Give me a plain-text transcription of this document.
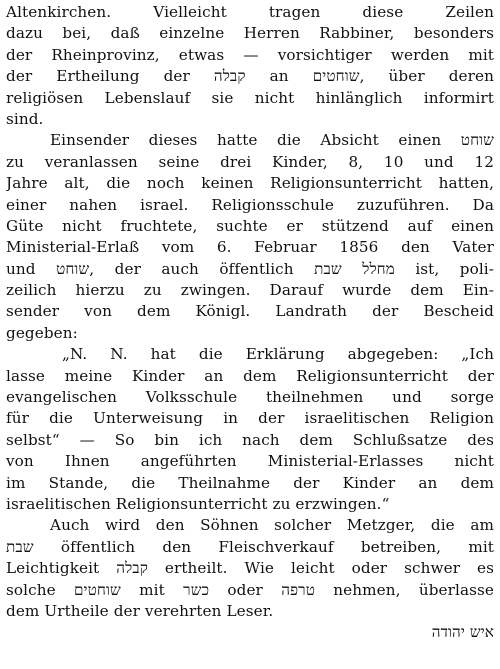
Altenkirchen. Vielleicht tragen diese Zeilen
dazu bei, daß einzelne Herren Rabbiner, besonders
der Rheinprovinz, etwas — vorsichtiger werden mit
der Ertheilung der קבלה an שוחטים, über deren
religiösen Lebenslauf sie nicht hinlänglich informirt
sind.
Einsender dieses hatte die Absicht einen שוחט
zu veranlassen seine drei Kinder, 8, 10 und 12
Jahre alt, die noch keinen Religionsunterricht hatten,
einer nahen israel. Religionsschule zuzuführen. Da
Güte nicht fruchtete, suchte er stützend auf einen
Ministerial-Erlaß vom 6. Februar 1856 den Vater
und שוחט, der auch öffentlich מחלל שבת ist, poli-
zeilich hierzu zu zwingen. Darauf wurde dem Ein-
sender von dem Königl. Landrath der Bescheid
gegeben:
„N. N. hat die Erklärung abgegeben: „Ich
lasse meine Kinder an dem Religionsunterricht der
evangelischen Volksschule theilnehmen und sorge
für die Unterweisung in der israelitischen Religion
selbst“ — So bin ich nach dem Schlußsatze des
von Ihnen angeführten Ministerial-Erlasses nicht
im Stande, die Theilnahme der Kinder an dem
israelitischen Religionsunterricht zu erzwingen.“
Auch wird den Söhnen solcher Metzger, die am
שבת öffentlich den Fleischverkauf betreiben, mit
Leichtigkeit קבלה ertheilt. Wie leicht oder schwer es
solche שוחטים mit כשר oder טרפה nehmen, überlasse
dem Urtheile der verehrten Leser.
איש יהודה
